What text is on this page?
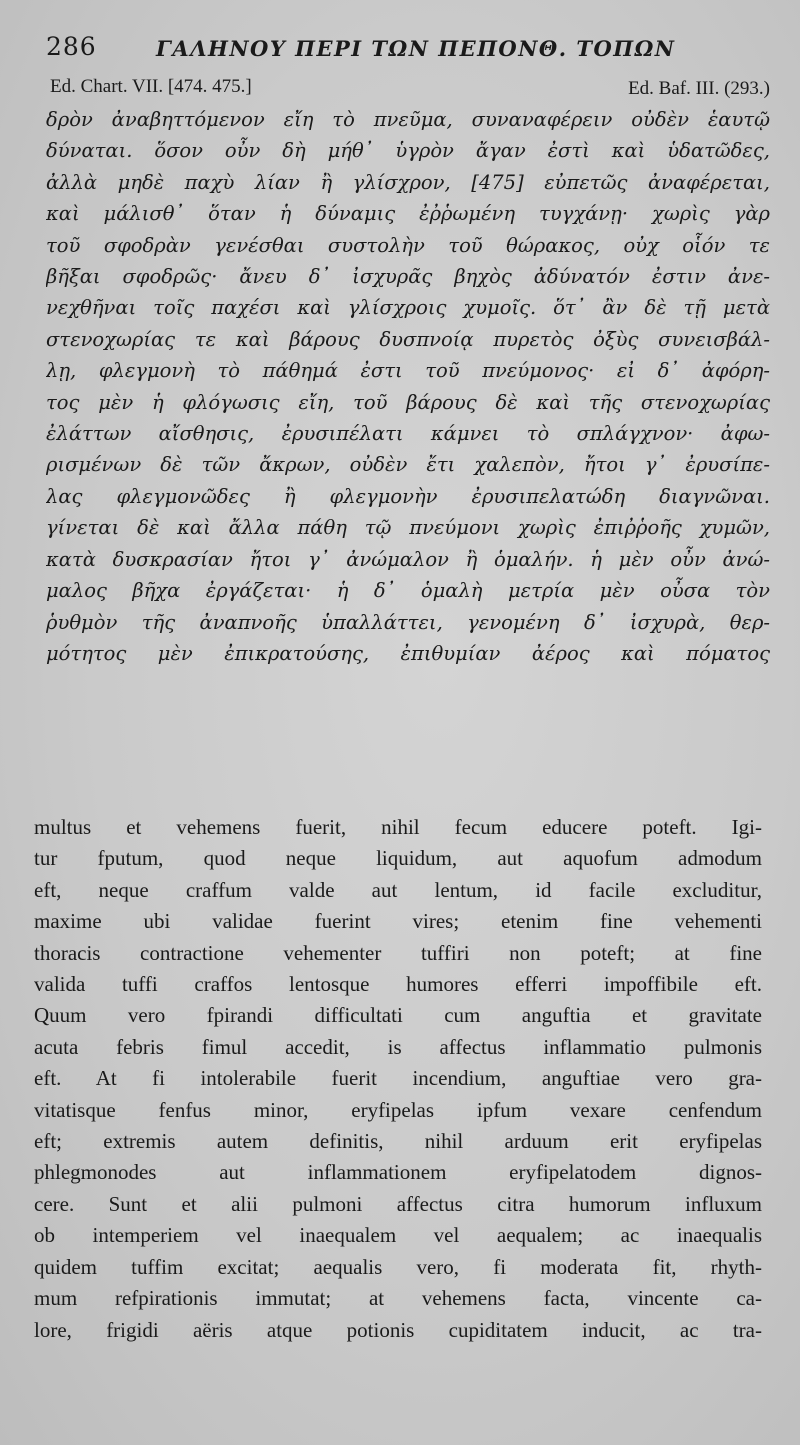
286	ΓΑΛΗΝΟΥ ΠΕΡΙ ΤΩΝ ΠΕΠΟΝΘ. ΤΟΠΩΝ
Ed. Chart. VII. [474. 475.]	Ed. Baf. III. (293.)
δρὸν ἀναβηττόμενον εἴη τὸ πνεῦμα, συναναφέρειν οὐδὲν ἑαυτῷ
δύναται. ὅσον οὖν δὴ μήθ᾽ ὑγρὸν ἄγαν ἐστὶ καὶ ὑδατῶδες,
ἀλλὰ μηδὲ παχὺ λίαν ἢ γλίσχρον, [475] εὐπετῶς ἀναφέρεται,
καὶ μάλισθ᾽ ὅταν ἡ δύναμις ἐῤῥωμένη τυγχάνῃ· χωρὶς γὰρ
τοῦ σφοδρὰν γενέσθαι συστολὴν τοῦ θώρακος, οὐχ οἷόν τε
βῆξαι σφοδρῶς· ἄνευ δ᾽ ἰσχυρᾶς βηχὸς ἀδύνατόν ἐστιν ἀνε-
νεχθῆναι τοῖς παχέσι καὶ γλίσχροις χυμοῖς. ὅτ᾽ ἂν δὲ τῇ μετὰ
στενοχωρίας τε καὶ βάρους δυσπνοίᾳ πυρετὸς ὀξὺς συνεισβάλ-
λῃ, φλεγμονὴ τὸ πάθημά ἐστι τοῦ πνεύμονος· εἰ δ᾽ ἀφόρη-
τος μὲν ἡ φλόγωσις εἴη, τοῦ βάρους δὲ καὶ τῆς στενοχωρίας
ἐλάττων αἴσθησις, ἐρυσιπέλατι κάμνει τὸ σπλάγχνον· ἀφω-
ρισμένων δὲ τῶν ἄκρων, οὐδὲν ἔτι χαλεπὸν, ἤτοι γ᾽ ἐρυσίπε-
λας φλεγμονῶδες ἢ φλεγμονὴν ἐρυσιπελατώδη διαγνῶναι.
γίνεται δὲ καὶ ἄλλα πάθη τῷ πνεύμονι χωρὶς ἐπιῤῥοῆς χυμῶν,
κατὰ δυσκρασίαν ἤτοι γ᾽ ἀνώμαλον ἢ ὁμαλήν. ἡ μὲν οὖν ἀνώ-
μαλος βῆχα ἐργάζεται· ἡ δ᾽ ὁμαλὴ μετρία μὲν οὖσα τὸν
ῥυθμὸν τῆς ἀναπνοῆς ὑπαλλάττει, γενομένη δ᾽ ἰσχυρὰ, θερ-
μότητος μὲν ἐπικρατούσης, ἐπιθυμίαν ἀέρος καὶ πόματος
multus et vehemens fuerit, nihil fecum educere poteft. Igi-
tur fputum, quod neque liquidum, aut aquofum admodum
eft, neque craffum valde aut lentum, id facile excluditur,
maxime ubi validae fuerint vires; etenim fine vehementi
thoracis contractione vehementer tuffiri non poteft; at fine
valida tuffi craffos lentosque humores efferri impoffibile eft.
Quum vero fpirandi difficultati cum anguftia et gravitate
acuta febris fimul accedit, is affectus inflammatio pulmonis
eft. At fi intolerabile fuerit incendium, anguftiae vero gra-
vitatisque fenfus minor, eryfipelas ipfum vexare cenfendum
eft; extremis autem definitis, nihil arduum erit eryfipelas
phlegmonodes aut inflammationem eryfipelatodem dignos-
cere. Sunt et alii pulmoni affectus citra humorum influxum
ob intemperiem vel inaequalem vel aequalem; ac inaequalis
quidem tuffim excitat; aequalis vero, fi moderata fit, rhyth-
mum refpirationis immutat; at vehemens facta, vincente ca-
lore, frigidi aëris atque potionis cupiditatem inducit, ac tra-
